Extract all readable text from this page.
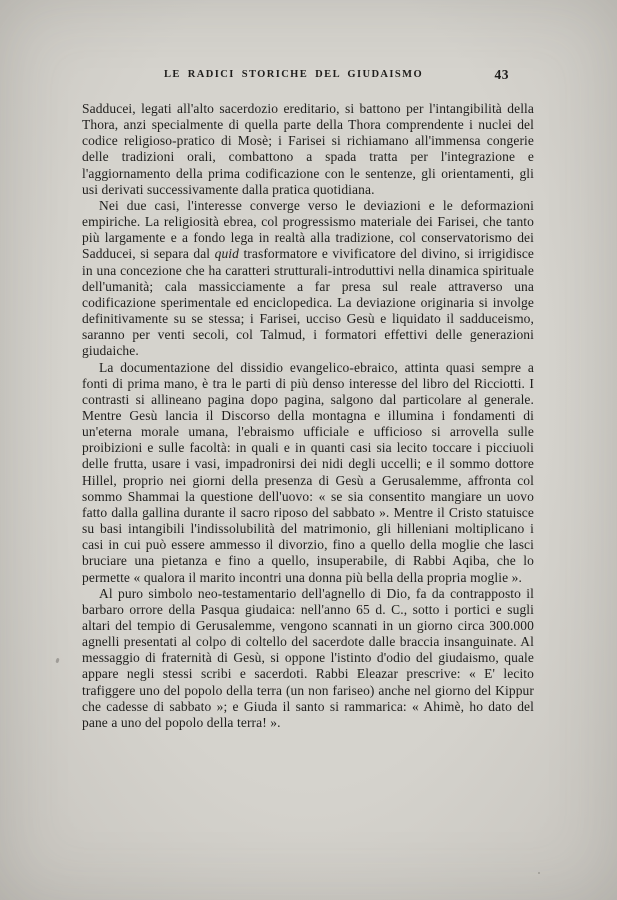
LE RADICI STORICHE DEL GIUDAISMO	43

Sadducei, legati all'alto sacerdozio ereditario, si battono per l'intangibilità della Thora, anzi specialmente di quella parte della Thora comprendente i nuclei del codice religioso-pratico di Mosè; i Farisei si richiamano all'immensa congerie delle tradizioni orali, combattono a spada tratta per l'integrazione e l'aggiornamento della prima codificazione con le sentenze, gli orientamenti, gli usi derivati successivamente dalla pratica quotidiana.

Nei due casi, l'interesse converge verso le deviazioni e le deformazioni empiriche. La religiosità ebrea, col progressismo materiale dei Farisei, che tanto più largamente e a fondo lega in realtà alla tradizione, col conservatorismo dei Sadducei, si separa dal quid trasformatore e vivificatore del divino, si irrigidisce in una concezione che ha caratteri strutturali-introduttivi nella dinamica spirituale dell'umanità; cala massicciamente a far presa sul reale attraverso una codificazione sperimentale ed enciclopedica. La deviazione originaria si involge definitivamente su se stessa; i Farisei, ucciso Gesù e liquidato il sadduceismo, saranno per venti secoli, col Talmud, i formatori effettivi delle generazioni giudaiche.

La documentazione del dissidio evangelico-ebraico, attinta quasi sempre a fonti di prima mano, è tra le parti di più denso interesse del libro del Ricciotti. I contrasti si allineano pagina dopo pagina, salgono dal particolare al generale. Mentre Gesù lancia il Discorso della montagna e illumina i fondamenti di un'eterna morale umana, l'ebraismo ufficiale e ufficioso si arrovella sulle proibizioni e sulle facoltà: in quali e in quanti casi sia lecito toccare i picciuoli delle frutta, usare i vasi, impadronirsi dei nidi degli uccelli; e il sommo dottore Hillel, proprio nei giorni della presenza di Gesù a Gerusalemme, affronta col sommo Shammai la questione dell'uovo: « se sia consentito mangiare un uovo fatto dalla gallina durante il sacro riposo del sabbato ». Mentre il Cristo statuisce su basi intangibili l'indissolubilità del matrimonio, gli hilleniani moltiplicano i casi in cui può essere ammesso il divorzio, fino a quello della moglie che lasci bruciare una pietanza e fino a quello, insuperabile, di Rabbi Aqiba, che lo permette « qualora il marito incontri una donna più bella della propria moglie ».

Al puro simbolo neo-testamentario dell'agnello di Dio, fa da contrapposto il barbaro orrore della Pasqua giudaica: nell'anno 65 d. C., sotto i portici e sugli altari del tempio di Gerusalemme, vengono scannati in un giorno circa 300.000 agnelli presentati al colpo di coltello del sacerdote dalle braccia insanguinate. Al messaggio di fraternità di Gesù, si oppone l'istinto d'odio del giudaismo, quale appare negli stessi scribi e sacerdoti. Rabbi Eleazar prescrive: « E' lecito trafiggere uno del popolo della terra (un non fariseo) anche nel giorno del Kippur che cadesse di sabbato »; e Giuda il santo si rammarica: « Ahimè, ho dato del pane a uno del popolo della terra! ».
